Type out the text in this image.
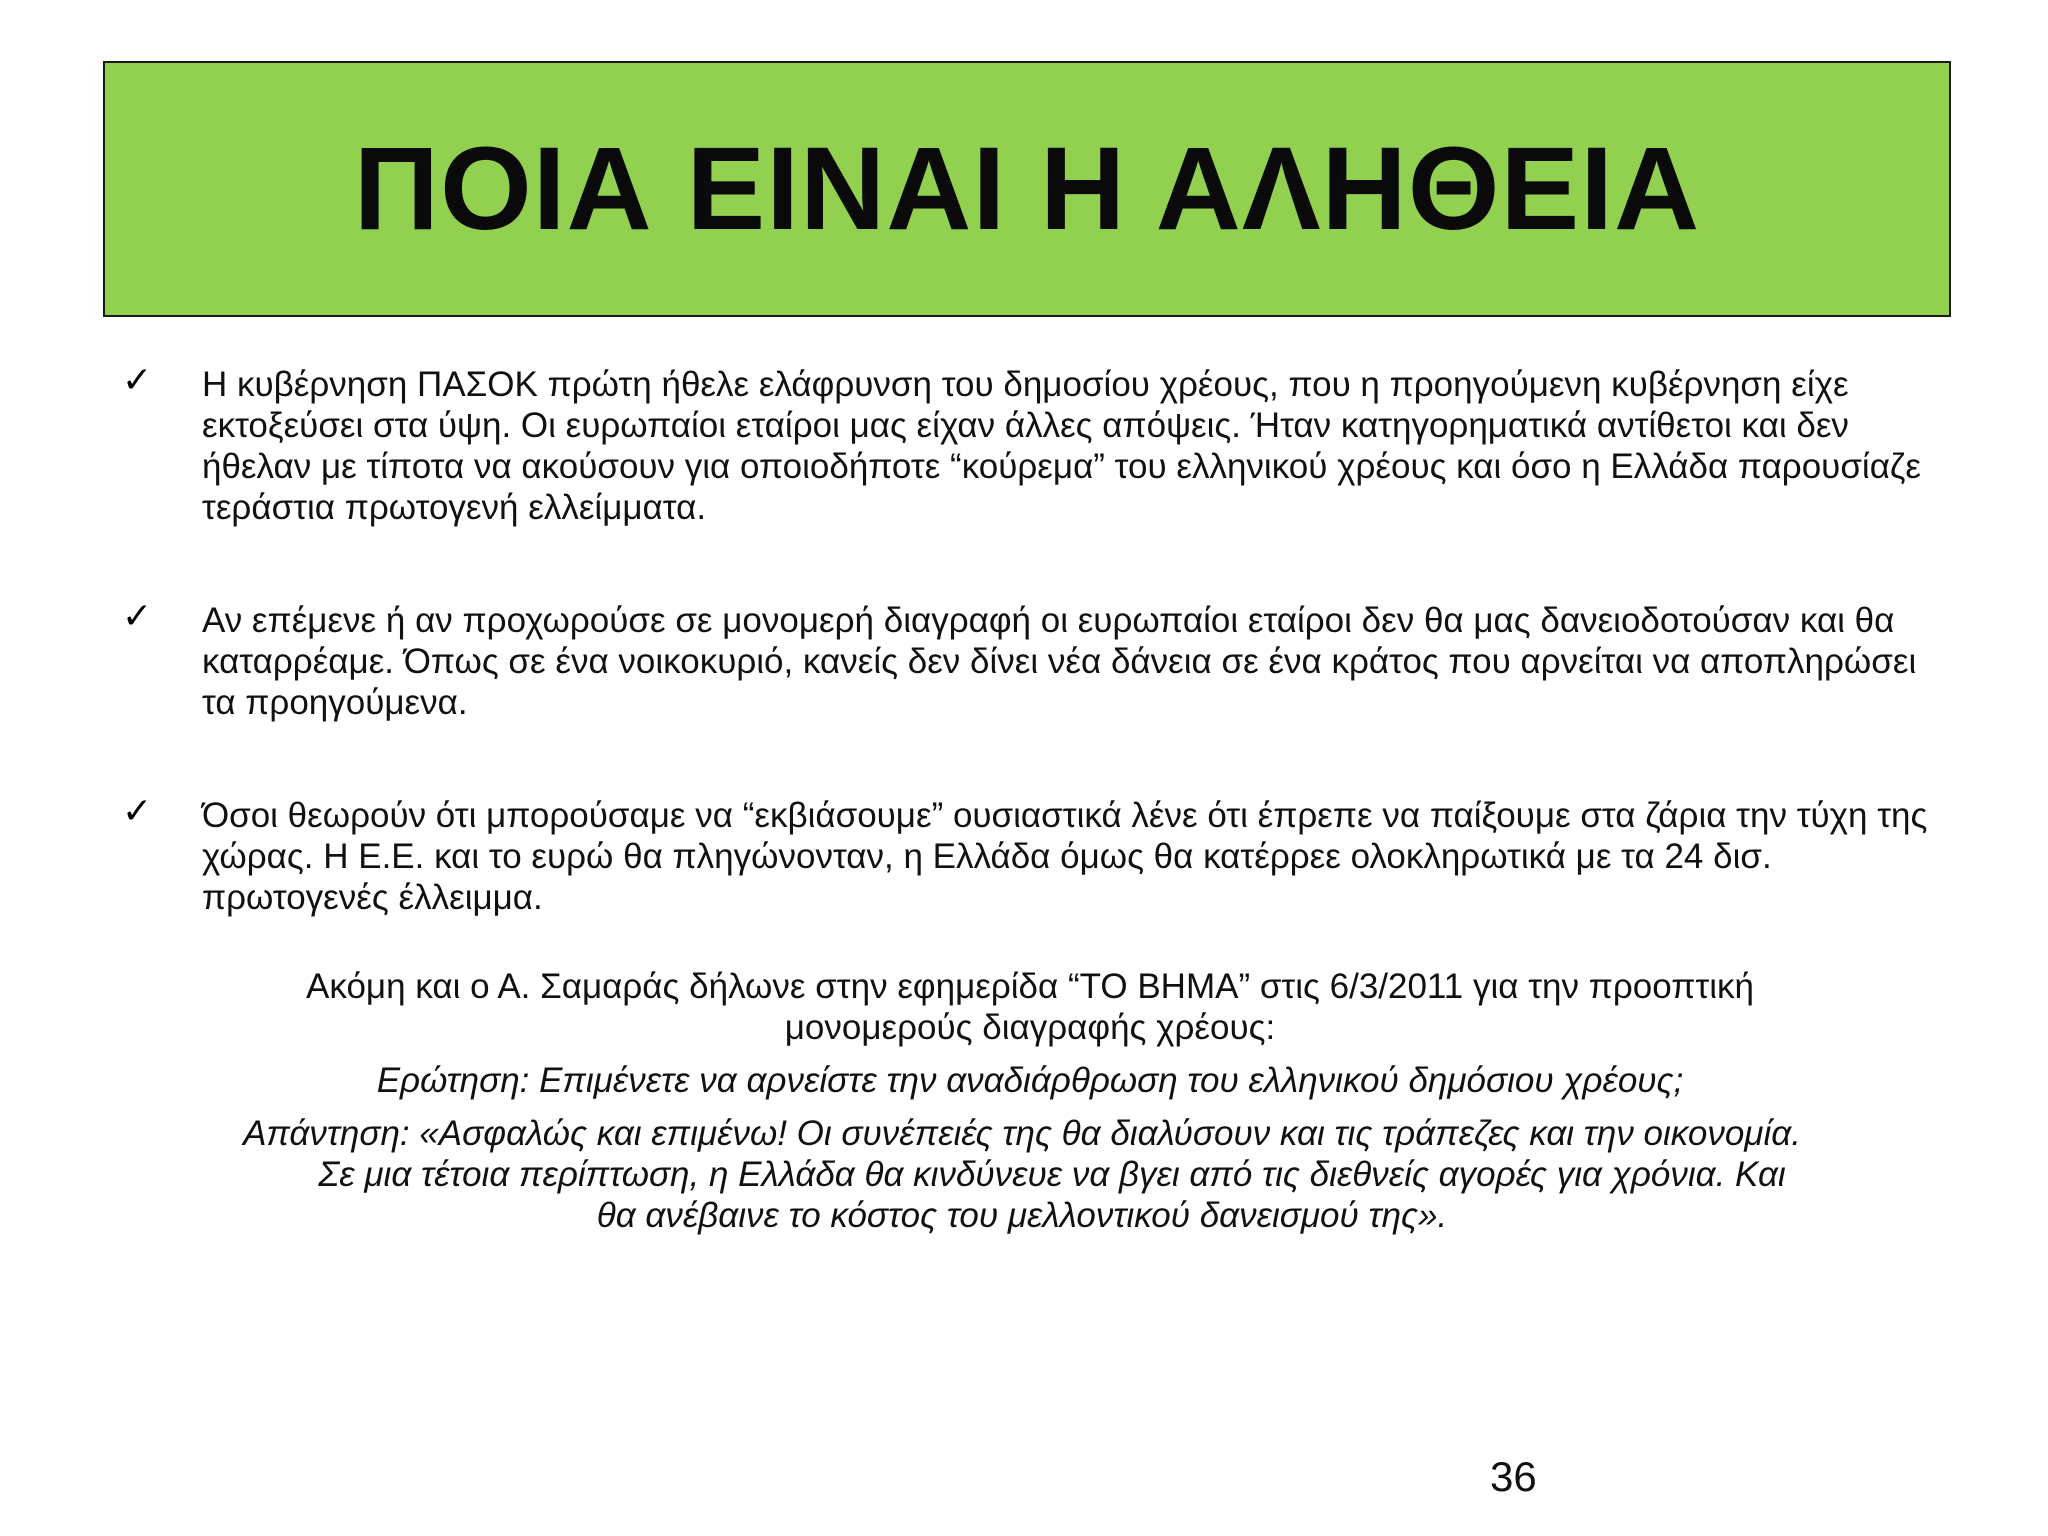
ΠΟΙΑ ΕΙΝΑΙ Η ΑΛΗΘΕΙΑ
✓ Η κυβέρνηση ΠΑΣΟΚ πρώτη ήθελε ελάφρυνση του δημοσίου χρέους, που η προηγούμενη κυβέρνηση είχε εκτοξεύσει στα ύψη. Οι ευρωπαίοι εταίροι μας είχαν άλλες απόψεις. Ήταν κατηγορηματικά αντίθετοι και δεν ήθελαν με τίποτα να ακούσουν για οποιοδήποτε “κούρεμα” του ελληνικού χρέους και όσο η Ελλάδα παρουσίαζε τεράστια πρωτογενή ελλείμματα.
✓ Αν επέμενε ή αν προχωρούσε σε μονομερή διαγραφή οι ευρωπαίοι εταίροι δεν θα μας δανειοδοτούσαν και θα καταρρέαμε. Όπως σε ένα νοικοκυριό, κανείς δεν δίνει νέα δάνεια σε ένα κράτος που αρνείται να αποπληρώσει τα προηγούμενα.
✓ Όσοι θεωρούν ότι μπορούσαμε να “εκβιάσουμε” ουσιαστικά λένε ότι έπρεπε να παίξουμε στα ζάρια την τύχη της χώρας. Η Ε.Ε. και το ευρώ θα πληγώνονταν, η Ελλάδα όμως θα κατέρρεε ολοκληρωτικά με τα 24 δισ. πρωτογενές έλλειμμα.
Ακόμη και ο Α. Σαμαράς δήλωνε στην εφημερίδα “ΤΟ ΒΗΜΑ” στις 6/3/2011 για την προοπτική μονομερούς διαγραφής χρέους:
Ερώτηση: Επιμένετε να αρνείστε την αναδιάρθρωση του ελληνικού δημόσιου χρέους;
Απάντηση: «Ασφαλώς και επιμένω! Οι συνέπειές της θα διαλύσουν και τις τράπεζες και την οικονομία.
Σε μια τέτοια περίπτωση, η Ελλάδα θα κινδύνευε να βγει από τις διεθνείς αγορές για χρόνια. Και
θα ανέβαινε το κόστος του μελλοντικού δανεισμού της».
36
